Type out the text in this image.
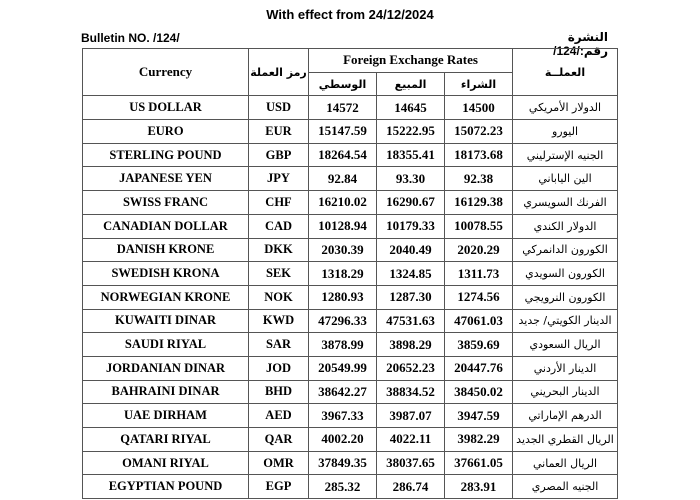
With effect from 24/12/2024
Bulletin NO. /124/	النشرة رقم:/124/
Currency	رمز العملة	Foreign Exchange Rates			العملــة
		الوسطي	المبيع	الشراء	
US DOLLAR	USD	14572	14645	14500	الدولار الأمريكي
EURO	EUR	15147.59	15222.95	15072.23	اليورو
STERLING POUND	GBP	18264.54	18355.41	18173.68	الجنيه الإسترليني
JAPANESE YEN	JPY	92.84	93.30	92.38	الين الياباني
SWISS FRANC	CHF	16210.02	16290.67	16129.38	الفرنك السويسري
CANADIAN DOLLAR	CAD	10128.94	10179.33	10078.55	الدولار الكندي
DANISH KRONE	DKK	2030.39	2040.49	2020.29	الكورون الدانمركي
SWEDISH KRONA	SEK	1318.29	1324.85	1311.73	الكورون السويدي
NORWEGIAN KRONE	NOK	1280.93	1287.30	1274.56	الكورون النرويجي
KUWAITI DINAR	KWD	47296.33	47531.63	47061.03	الدينار الكويتي/ جديد
SAUDI RIYAL	SAR	3878.99	3898.29	3859.69	الريال السعودي
JORDANIAN DINAR	JOD	20549.99	20652.23	20447.76	الدينار الأردني
BAHRAINI DINAR	BHD	38642.27	38834.52	38450.02	الدينار البحريني
UAE DIRHAM	AED	3967.33	3987.07	3947.59	الدرهم الإماراتي
QATARI RIYAL	QAR	4002.20	4022.11	3982.29	الريال القطري الجديد
OMANI RIYAL	OMR	37849.35	38037.65	37661.05	الريال العماني
EGYPTIAN POUND	EGP	285.32	286.74	283.91	الجنيه المصري
